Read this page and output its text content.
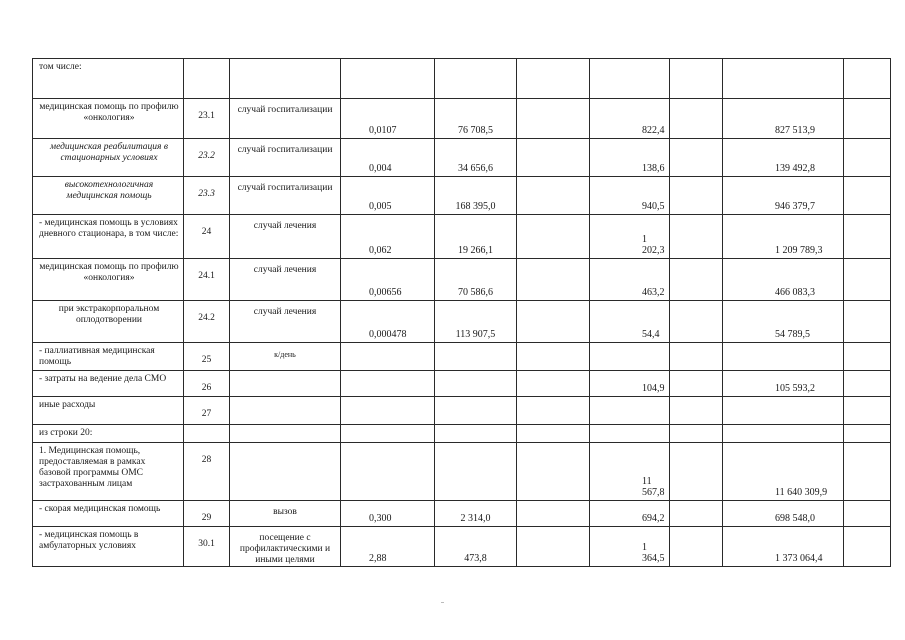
том числе:			

медицинская помощь по профилю «онкология»	23.1	случай госпитализации	0,0107	76 708,5		822,4		827 513,9	

медицинская реабилитация в стационарных условиях	23.2	случай госпитализации	0,004	34 656,6		138,6		139 492,8	

высокотехнологичная медицинская помощь	23.3	случай госпитализации	0,005	168 395,0		940,5		946 379,7	

- медицинская помощь в условиях дневного стационара, в том числе:	24	случай лечения	0,062	19 266,1		1 202,3		1 209 789,3	

медицинская помощь по профилю «онкология»	24.1	случай лечения	0,00656	70 586,6		463,2		466 083,3	

при экстракорпоральном оплодотворении	24.2	случай лечения	0,000478	113 907,5		54,4		54 789,5	

- паллиативная медицинская помощь	25	к/день	

- затраты на ведение дела СМО	26					104,9		105 593,2	

иные расходы	27		

из строки 20:			

1. Медицинская помощь, предоставляемая в рамках базовой программы ОМС застрахованным лицам	28					11 567,8		11 640 309,9	

- скорая медицинская помощь	29	вызов	0,300	2 314,0		694,2		698 548,0	

- медицинская помощь в амбулаторных условиях	30.1	посещение с профилактическими и иными целями	2,88	473,8		1 364,5		1 373 064,4	
